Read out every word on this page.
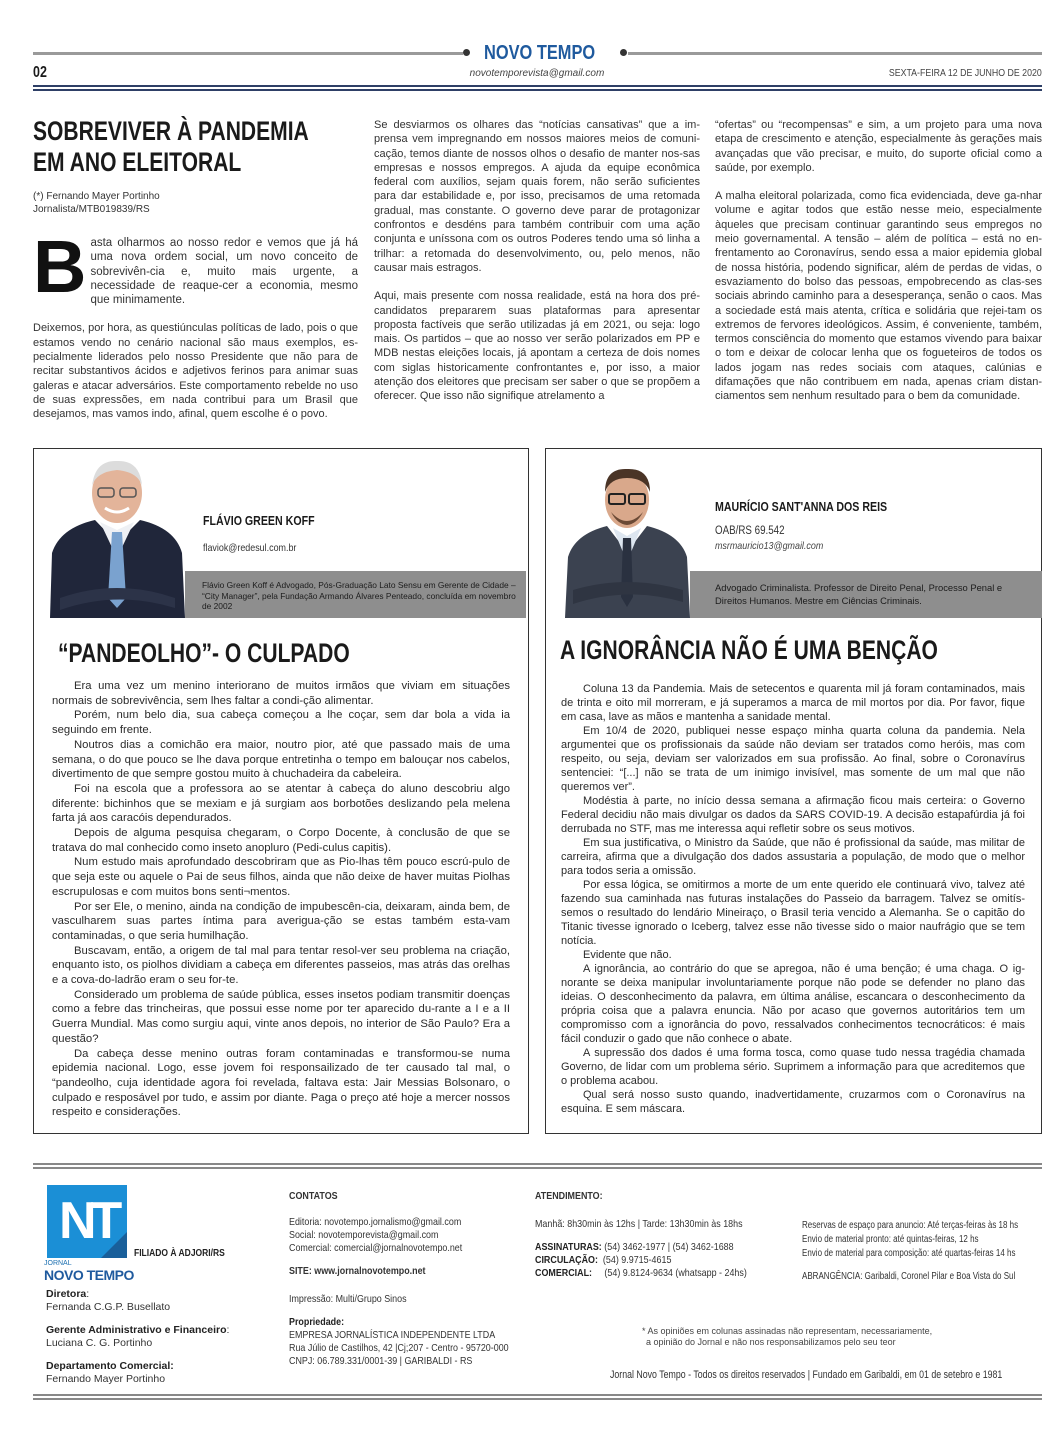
NOVO TEMPO
02	novotemporevista@gmail.com	SEXTA-FEIRA 12 DE JUNHO DE 2020
SOBREVIVER À PANDEMIA
EM ANO ELEITORAL
(*) Fernando Mayer Portinho
Jornalista/MTB019839/RS
B asta olharmos ao nosso redor e vemos que já há uma nova ordem social, um novo conceito de sobrevivên-cia e, muito mais urgente, a necessidade de reaque-cer a economia, mesmo que minimamente.

Deixemos, por hora, as questiúnculas políticas de lado, pois o que estamos vendo no cenário nacional são maus exemplos, es-pecialmente liderados pelo nosso Presidente que não para de recitar substantivos ácidos e adjetivos ferinos para animar suas galeras e atacar adversários. Este comportamento rebelde no uso de suas expressões, em nada contribui para um Brasil que desejamos, mas vamos indo, afinal, quem escolhe é o povo.

Se desviarmos os olhares das “notícias cansativas” que a im-prensa vem impregnando em nossos maiores meios de comuni-cação, temos diante de nossos olhos o desafio de manter nos-sas empresas e nossos empregos. A ajuda da equipe econômica federal com auxílios, sejam quais forem, não serão suficientes para dar estabilidade e, por isso, precisamos de uma retomada gradual, mas constante. O governo deve parar de protagonizar confrontos e desdéns para também contribuir com uma ação conjunta e uníssona com os outros Poderes tendo uma só linha a trilhar: a retomada do desenvolvimento, ou, pelo menos, não causar mais estragos.

Aqui, mais presente com nossa realidade, está na hora dos pré-candidatos prepararem suas plataformas para apresentar proposta factíveis que serão utilizadas já em 2021, ou seja: logo mais. Os partidos – que ao nosso ver serão polarizados em PP e MDB nestas eleições locais, já apontam a certeza de dois nomes com siglas historicamente confrontantes e, por isso, a maior atenção dos eleitores que precisam ser saber o que se propõem a oferecer. Que isso não signifique atrelamento a

“ofertas” ou “recompensas” e sim, a um projeto para uma nova etapa de crescimento e atenção, especialmente às gerações mais avançadas que vão precisar, e muito, do suporte oficial como a saúde, por exemplo.

A malha eleitoral polarizada, como fica evidenciada, deve ga-nhar volume e agitar todos que estão nesse meio, especialmente àqueles que precisam continuar garantindo seus empregos no meio governamental. A tensão – além de política – está no en-frentamento ao Coronavírus, sendo essa a maior epidemia global de nossa história, podendo significar, além de perdas de vidas, o esvaziamento do bolso das pessoas, empobrecendo as clas-ses sociais abrindo caminho para a desesperança, senão o caos. Mas a sociedade está mais atenta, crítica e solidária que rejei-tam os extremos de fervores ideológicos. Assim, é conveniente, também, termos consciência do momento que estamos vivendo para baixar o tom e deixar de colocar lenha que os fogueteiros de todos os lados jogam nas redes sociais com ataques, calúnias e difamações que não contribuem em nada, apenas criam distan-ciamentos sem nenhum resultado para o bem da comunidade.

Flávio Green Koff é Advogado, Pós-Graduação Lato Sensu em Gerente de Cidade – “City Manager”, pela Fundação Armando Álvares Penteado, concluída em novembro de 2002
FLÁVIO GREEN KOFF
flaviok@redesul.com.br
“PANDEOLHO”- O CULPADO

Era uma vez um menino interiorano de muitos irmãos que viviam em situações normais de sobrevivência, sem lhes faltar a condi-ção alimentar.

Porém, num belo dia, sua cabeça começou a lhe coçar, sem dar bola a vida ia seguindo em frente.

Noutros dias a comichão era maior, noutro pior, até que passado mais de uma semana, o do que pouco se lhe dava porque entretinha o tempo em balouçar nos cabelos, divertimento de que sempre gostou muito à chuchadeira da cabeleira.

Foi na escola que a professora ao se atentar à cabeça do aluno descobriu algo diferente: bichinhos que se mexiam e já surgiam aos borbotões deslizando pela melena farta já aos caracóis dependurados.

Depois de alguma pesquisa chegaram, o Corpo Docente, à conclusão de que se tratava do mal conhecido como inseto anopluro (Pedi-culus capitis).

Num estudo mais aprofundado descobriram que as Pio-lhas têm pouco escrú-pulo de que seja este ou aquele o Pai de seus filhos, ainda que não deixe de haver muitas Piolhas escrupulosas e com muitos bons senti¬mentos.

Por ser Ele, o menino, ainda na condição de impubescên-cia, deixaram, ainda bem, de vasculharem suas partes íntima para averigua-ção se estas também esta-vam contaminadas, o que seria humilhação.

Buscavam, então, a origem de tal mal para tentar resol-ver seu problema na criação, enquanto isto, os piolhos dividiam a cabeça em diferentes passeios, mas atrás das orelhas e a cova-do-ladrão eram o seu for-te.

Considerado um problema de saúde pública, esses insetos podiam transmitir doenças como a febre das trincheiras, que possui esse nome por ter aparecido du-rante a I e a II Guerra Mundial. Mas como surgiu aqui, vinte anos depois, no interior de São Paulo? Era a questão?

Da cabeça desse menino outras foram contaminadas e transformou-se numa epidemia nacional. Logo, esse jovem foi responsailizado de ter causado tal mal, o “pandeolho, cuja identidade agora foi revelada, faltava esta: Jair Messias Bolsonaro, o culpado e resposável por tudo, e assim por diante. Paga o preço até hoje a mercer nossos respeito e considerações.

Advogado Criminalista. Professor de Direito Penal, Processo Penal e Direitos Humanos. Mestre em Ciências Criminais.
MAURÍCIO SANT'ANNA DOS REIS
OAB/RS 69.542
msrmauricio13@gmail.com
A IGNORÂNCIA NÃO É UMA BENÇÃO

Coluna 13 da Pandemia. Mais de setecentos e quarenta mil já foram contaminados, mais de trinta e oito mil morreram, e já superamos a marca de mil mortos por dia. Por favor, fique em casa, lave as mãos e mantenha a sanidade mental.

Em 10/4 de 2020, publiquei nesse espaço minha quarta coluna da pandemia. Nela argumentei que os profissionais da saúde não deviam ser tratados como heróis, mas com respeito, ou seja, deviam ser valorizados em sua profissão. Ao final, sobre o Coronavírus sentenciei: “[...] não se trata de um inimigo invisível, mas somente de um mal que não queremos ver”.

Modéstia à parte, no início dessa semana a afirmação ficou mais certeira: o Governo Federal decidiu não mais divulgar os dados da SARS COVID-19. A decisão estapafúrdia já foi derrubada no STF, mas me interessa aqui refletir sobre os seus motivos.

Em sua justificativa, o Ministro da Saúde, que não é profissional da saúde, mas militar de carreira, afirma que a divulgação dos dados assustaria a população, de modo que o melhor para todos seria a omissão.

Por essa lógica, se omitirmos a morte de um ente querido ele continuará vivo, talvez até fazendo sua caminhada nas futuras instalações do Passeio da barragem. Talvez se omitís-semos o resultado do lendário Mineiraço, o Brasil teria vencido a Alemanha. Se o capitão do Titanic tivesse ignorado o Iceberg, talvez esse não tivesse sido o maior naufrágio que se tem notícia.

Evidente que não.

A ignorância, ao contrário do que se apregoa, não é uma benção; é uma chaga. O ig-norante se deixa manipular involuntariamente porque não pode se defender no plano das ideias. O desconhecimento da palavra, em última análise, escancara o desconhecimento da própria coisa que a palavra enuncia. Não por acaso que governos autoritários tem um compromisso com a ignorância do povo, ressalvados conhecimentos tecnocráticos: é mais fácil conduzir o gado que não conhece o abate.

A supressão dos dados é uma forma tosca, como quase tudo nessa tragédia chamada Governo, de lidar com um problema sério. Suprimem a informação para que acreditemos que o problema acabou.

Qual será nosso susto quando, inadvertidamente, cruzarmos com o Coronavírus na esquina. E sem máscara.

NT
JORNAL
NOVO TEMPO
FILIADO À ADJORI/RS
Diretora:
Fernanda C.G.P. Busellato
Gerente Administrativo e Financeiro:
Luciana C. G. Portinho
Departamento Comercial:
Fernando Mayer Portinho
CONTATOS
Editoria: novotempo.jornalismo@gmail.com
Social: novotemporevista@gmail.com
Comercial: comercial@jornalnovotempo.net
SITE: www.jornalnovotempo.net
Impressão: Multi/Grupo Sinos
Propriedade:
EMPRESA JORNALÍSTICA INDEPENDENTE LTDA
Rua Júlio de Castilhos, 42 |Cj;207 - Centro - 95720-000
CNPJ: 06.789.331/0001-39 | GARIBALDI - RS
ATENDIMENTO:
Manhã: 8h30min às 12hs | Tarde: 13h30min às 18hs
ASSINATURAS: (54) 3462-1977 | (54) 3462-1688
CIRCULAÇÃO: (54) 9.9715-4615
COMERCIAL: (54) 9.8124-9634 (whatsapp - 24hs)
Reservas de espaço para anuncio: Até terças-feiras às 18 hs
Envio de material pronto: até quintas-feiras, 12 hs
Envio de material para composição: até quartas-feiras 14 hs
ABRANGÊNCIA: Garibaldi, Coronel Pilar e Boa Vista do Sul
* As opiniões em colunas assinadas não representam, necessariamente,
a opinião do Jornal e não nos responsabilizamos pelo seu teor
Jornal Novo Tempo - Todos os direitos reservados | Fundado em Garibaldi, em 01 de setebro e 1981
